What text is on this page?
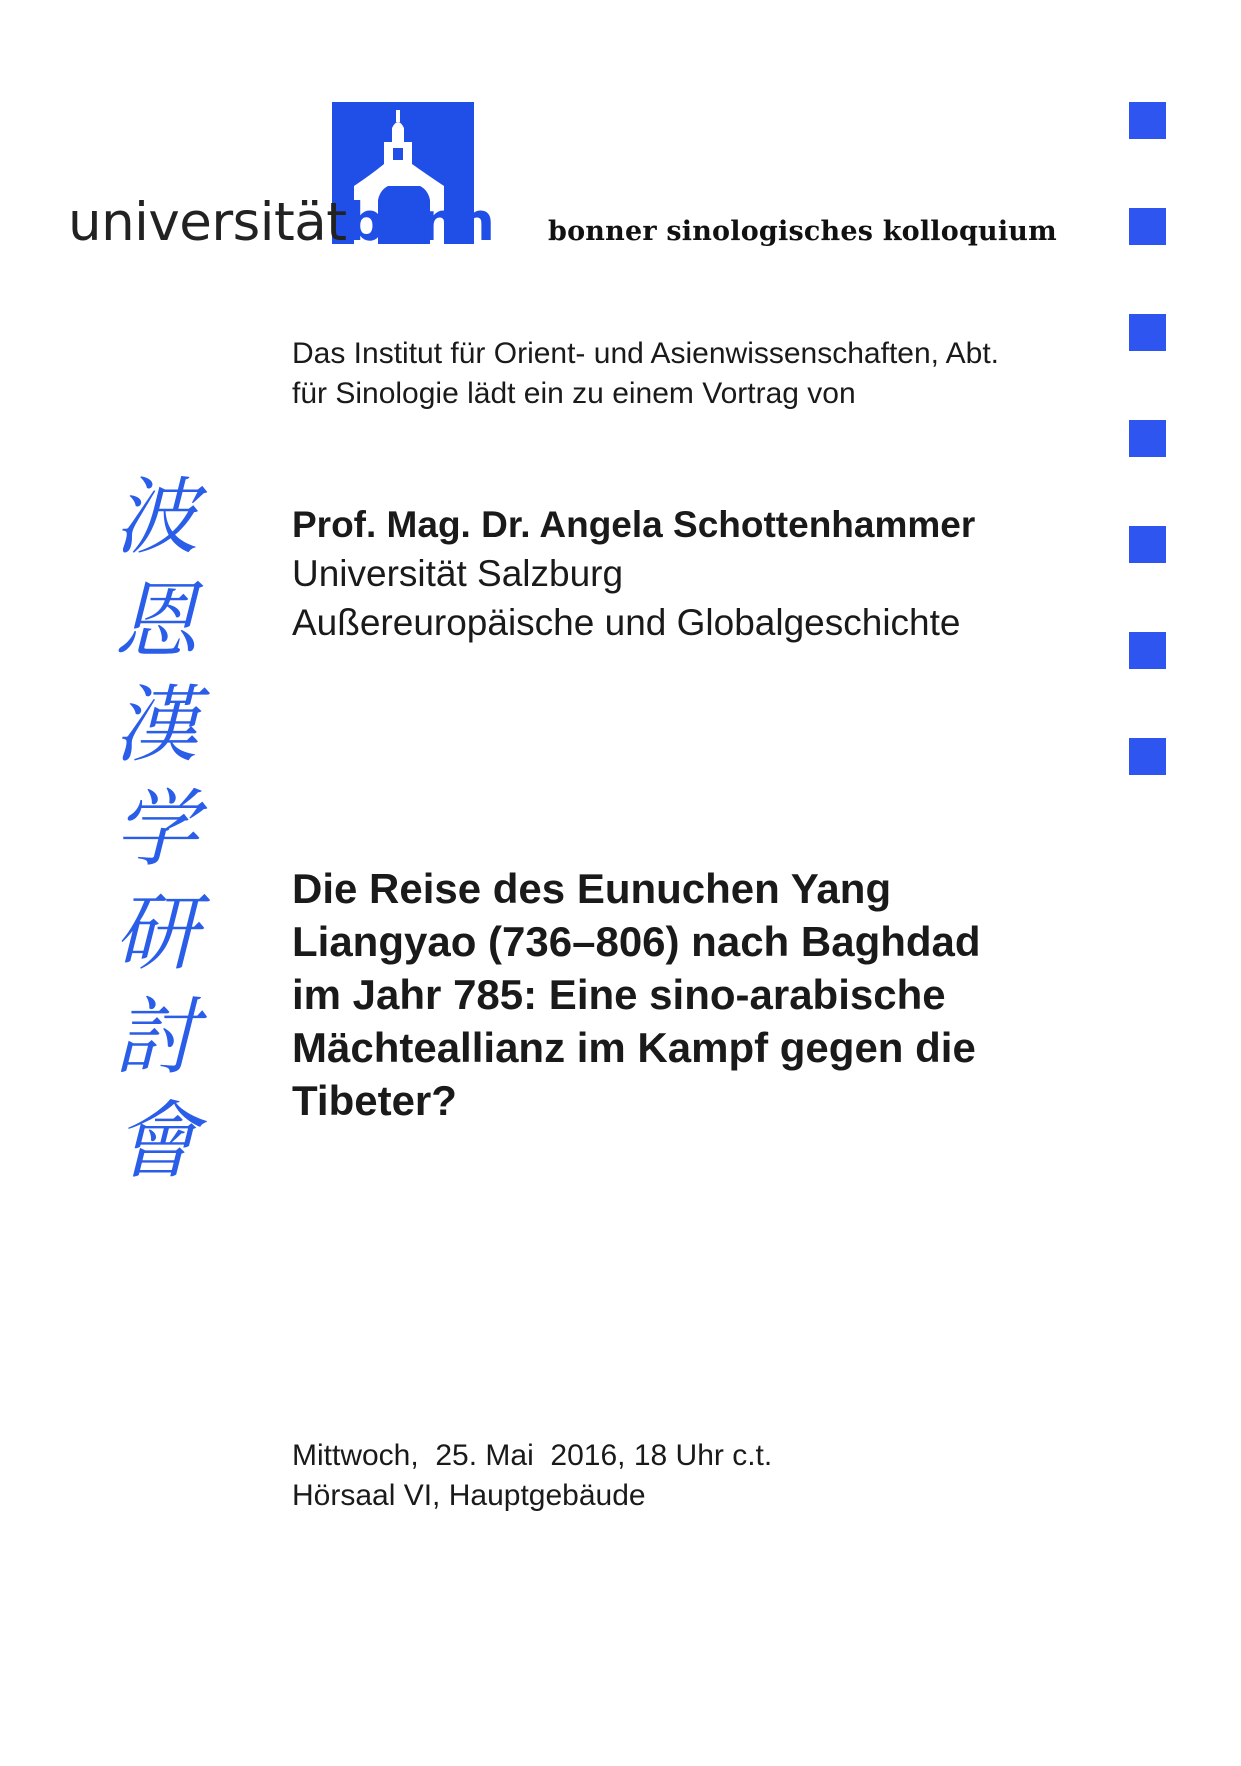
universitätbonn bonner sinologisches kolloquium
波
恩
漢
学
研
討
會
Das Institut für Orient- und Asienwissenschaften, Abt.
für Sinologie lädt ein zu einem Vortrag von
Prof. Mag. Dr. Angela Schottenhammer
Universität Salzburg
Außereuropäische und Globalgeschichte
Die Reise des Eunuchen Yang
Liangyao (736–806) nach Baghdad
im Jahr 785: Eine sino-arabische
Mächteallianz im Kampf gegen die
Tibeter?
Mittwoch,  25. Mai  2016, 18 Uhr c.t.
Hörsaal VI, Hauptgebäude
